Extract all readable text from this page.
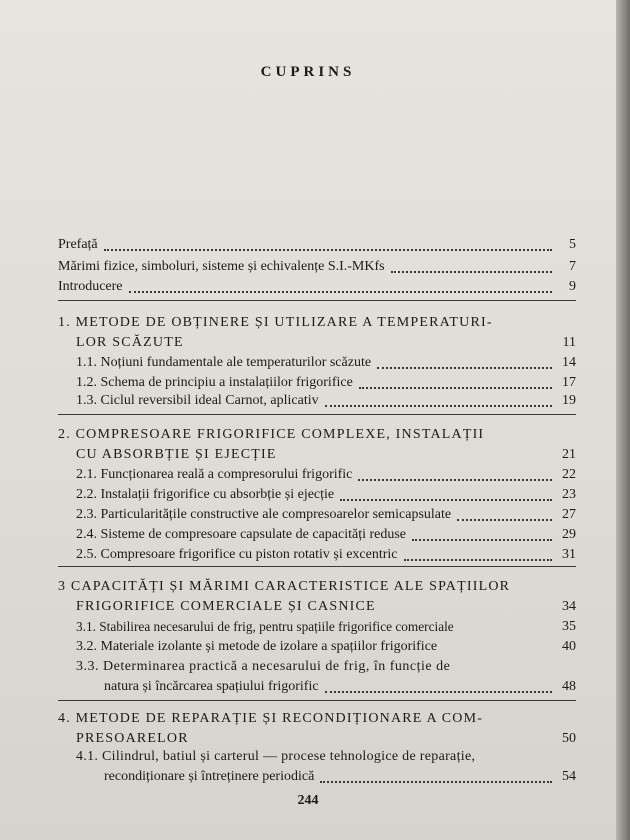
CUPRINS
Prefață	5
Mărimi fizice, simboluri, sisteme și echivalențe S.I.-MKfs	7
Introducere	9
1. METODE DE OBȚINERE ȘI UTILIZARE A TEMPERATURI-
LOR SCĂZUTE	11
1.1. Noțiuni fundamentale ale temperaturilor scăzute	14
1.2. Schema de principiu a instalațiilor frigorifice	17
1.3. Ciclul reversibil ideal Carnot, aplicativ	19
2. COMPRESOARE FRIGORIFICE COMPLEXE, INSTALAȚII
CU ABSORBȚIE ȘI EJECȚIE	21
2.1. Funcționarea reală a compresorului frigorific	22
2.2. Instalații frigorifice cu absorbție și ejecție	23
2.3. Particularitățile constructive ale compresoarelor semicapsulate	27
2.4. Sisteme de compresoare capsulate de capacități reduse	29
2.5. Compresoare frigorifice cu piston rotativ și excentric	31
3 CAPACITĂȚI ȘI MĂRIMI CARACTERISTICE ALE SPAȚIILOR
FRIGORIFICE COMERCIALE ȘI CASNICE	34
3.1. Stabilirea necesarului de frig, pentru spațiile frigorifice comerciale	35
3.2. Materiale izolante și metode de izolare a spațiilor frigorifice	40
3.3. Determinarea practică a necesarului de frig, în funcție de
natura și încărcarea spațiului frigorific	48
4. METODE DE REPARAȚIE ȘI RECONDIȚIONARE A COM-
PRESOARELOR	50
4.1. Cilindrul, batiul și carterul — procese tehnologice de reparație,
recondiționare și întreținere periodică	54
244
